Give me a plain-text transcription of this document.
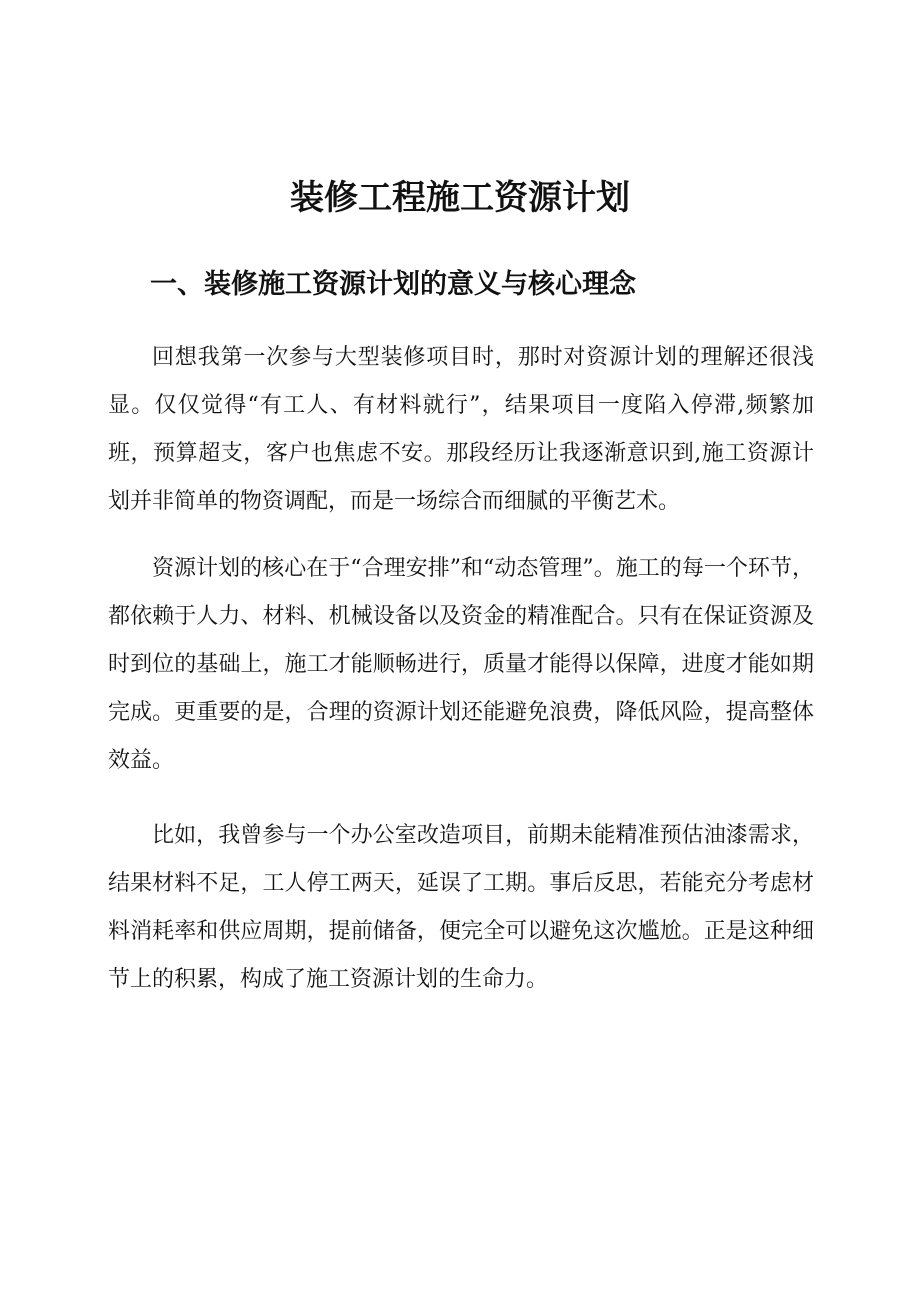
装修工程施工资源计划
一、装修施工资源计划的意义与核心理念

回想我第一次参与大型装修项目时，那时对资源计划的理解还很浅显。仅仅觉得“有工人、有材料就行”，结果项目一度陷入停滞,频繁加班，预算超支，客户也焦虑不安。那段经历让我逐渐意识到,施工资源计划并非简单的物资调配，而是一场综合而细腻的平衡艺术。

资源计划的核心在于“合理安排”和“动态管理”。施工的每一个环节，都依赖于人力、材料、机械设备以及资金的精准配合。只有在保证资源及时到位的基础上，施工才能顺畅进行，质量才能得以保障，进度才能如期完成。更重要的是，合理的资源计划还能避免浪费，降低风险，提高整体效益。

比如，我曾参与一个办公室改造项目，前期未能精准预估油漆需求，结果材料不足，工人停工两天，延误了工期。事后反思，若能充分考虑材料消耗率和供应周期，提前储备，便完全可以避免这次尴尬。正是这种细节上的积累，构成了施工资源计划的生命力。
